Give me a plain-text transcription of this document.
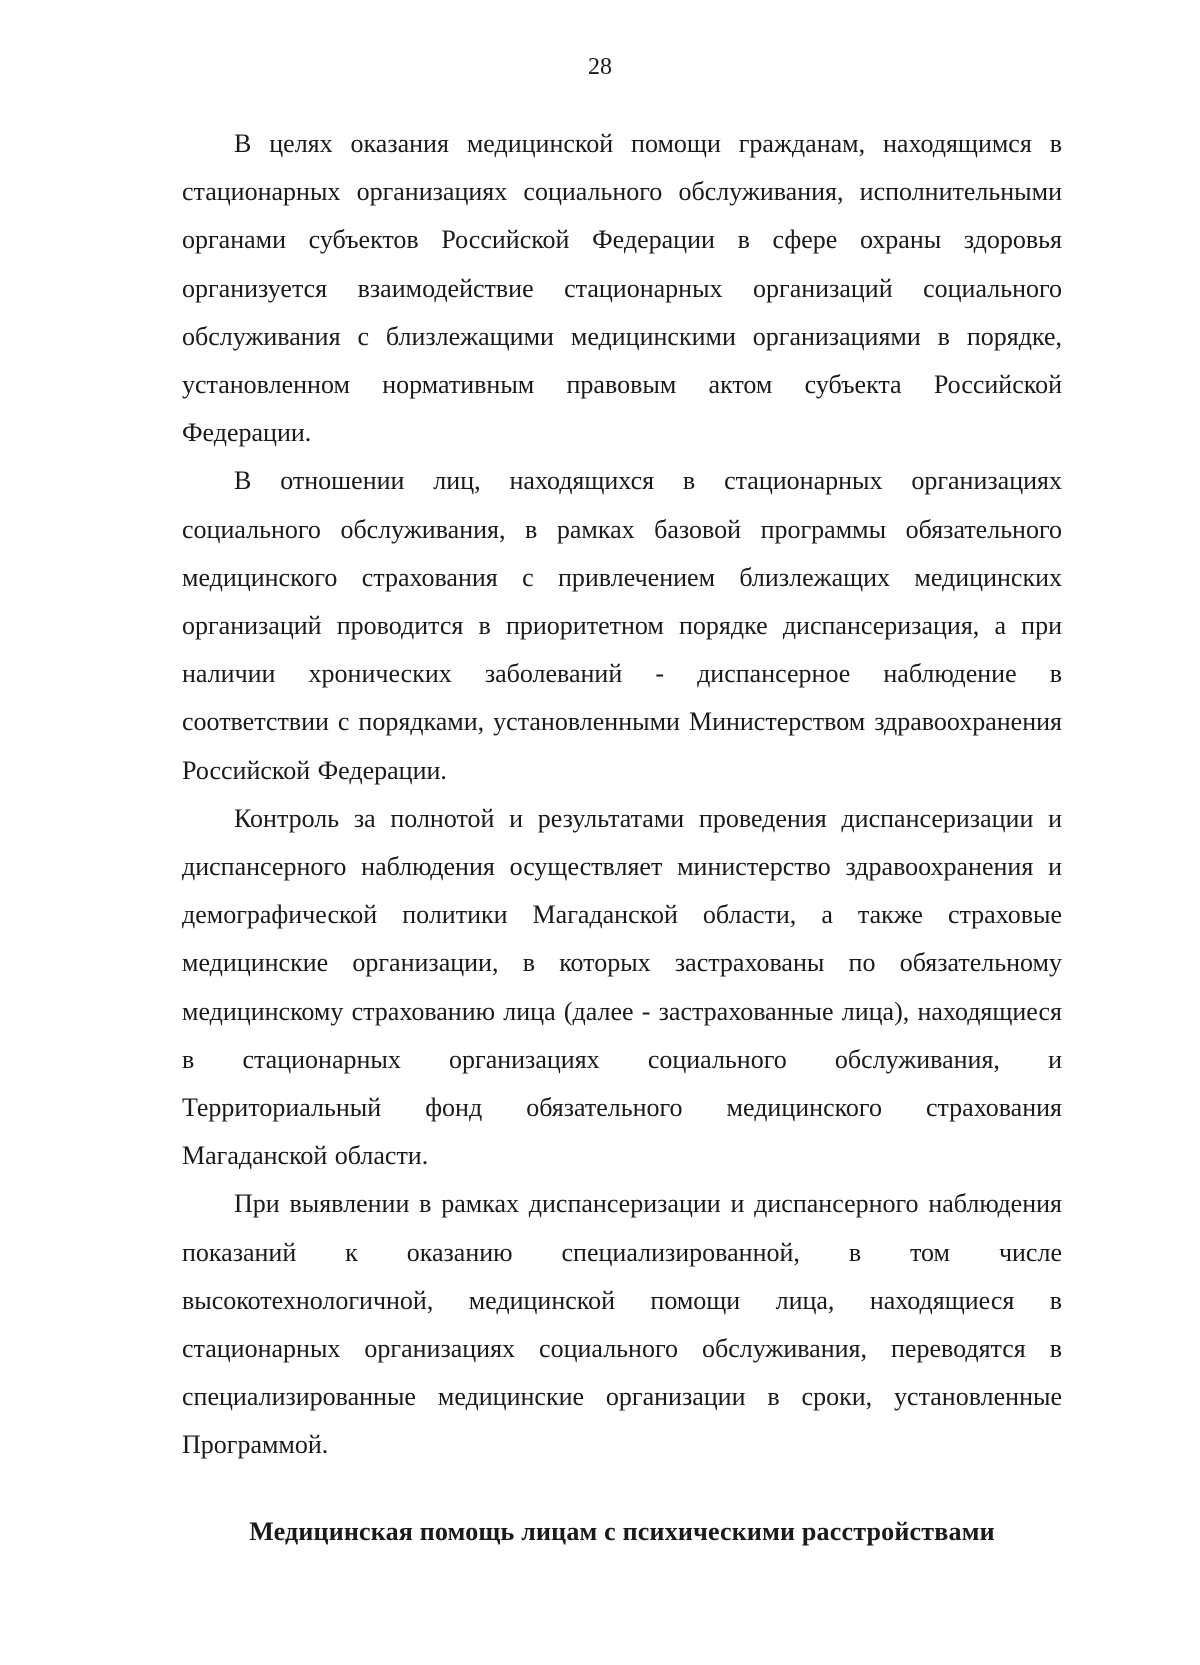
28

В целях оказания медицинской помощи гражданам, находящимся в стационарных организациях социального обслуживания, исполнительными органами субъектов Российской Федерации в сфере охраны здоровья организуется взаимодействие стационарных организаций социального обслуживания с близлежащими медицинскими организациями в порядке, установленном нормативным правовым актом субъекта Российской Федерации.

В отношении лиц, находящихся в стационарных организациях социального обслуживания, в рамках базовой программы обязательного медицинского страхования с привлечением близлежащих медицинских организаций проводится в приоритетном порядке диспансеризация, а при наличии хронических заболеваний - диспансерное наблюдение в соответствии с порядками, установленными Министерством здравоохранения Российской Федерации.

Контроль за полнотой и результатами проведения диспансеризации и диспансерного наблюдения осуществляет министерство здравоохранения и демографической политики Магаданской области, а также страховые медицинские организации, в которых застрахованы по обязательному медицинскому страхованию лица (далее - застрахованные лица), находящиеся в стационарных организациях социального обслуживания, и Территориальный фонд обязательного медицинского страхования Магаданской области.

При выявлении в рамках диспансеризации и диспансерного наблюдения показаний к оказанию специализированной, в том числе высокотехнологичной, медицинской помощи лица, находящиеся в стационарных организациях социального обслуживания, переводятся в специализированные медицинские организации в сроки, установленные Программой.

Медицинская помощь лицам с психическими расстройствами
